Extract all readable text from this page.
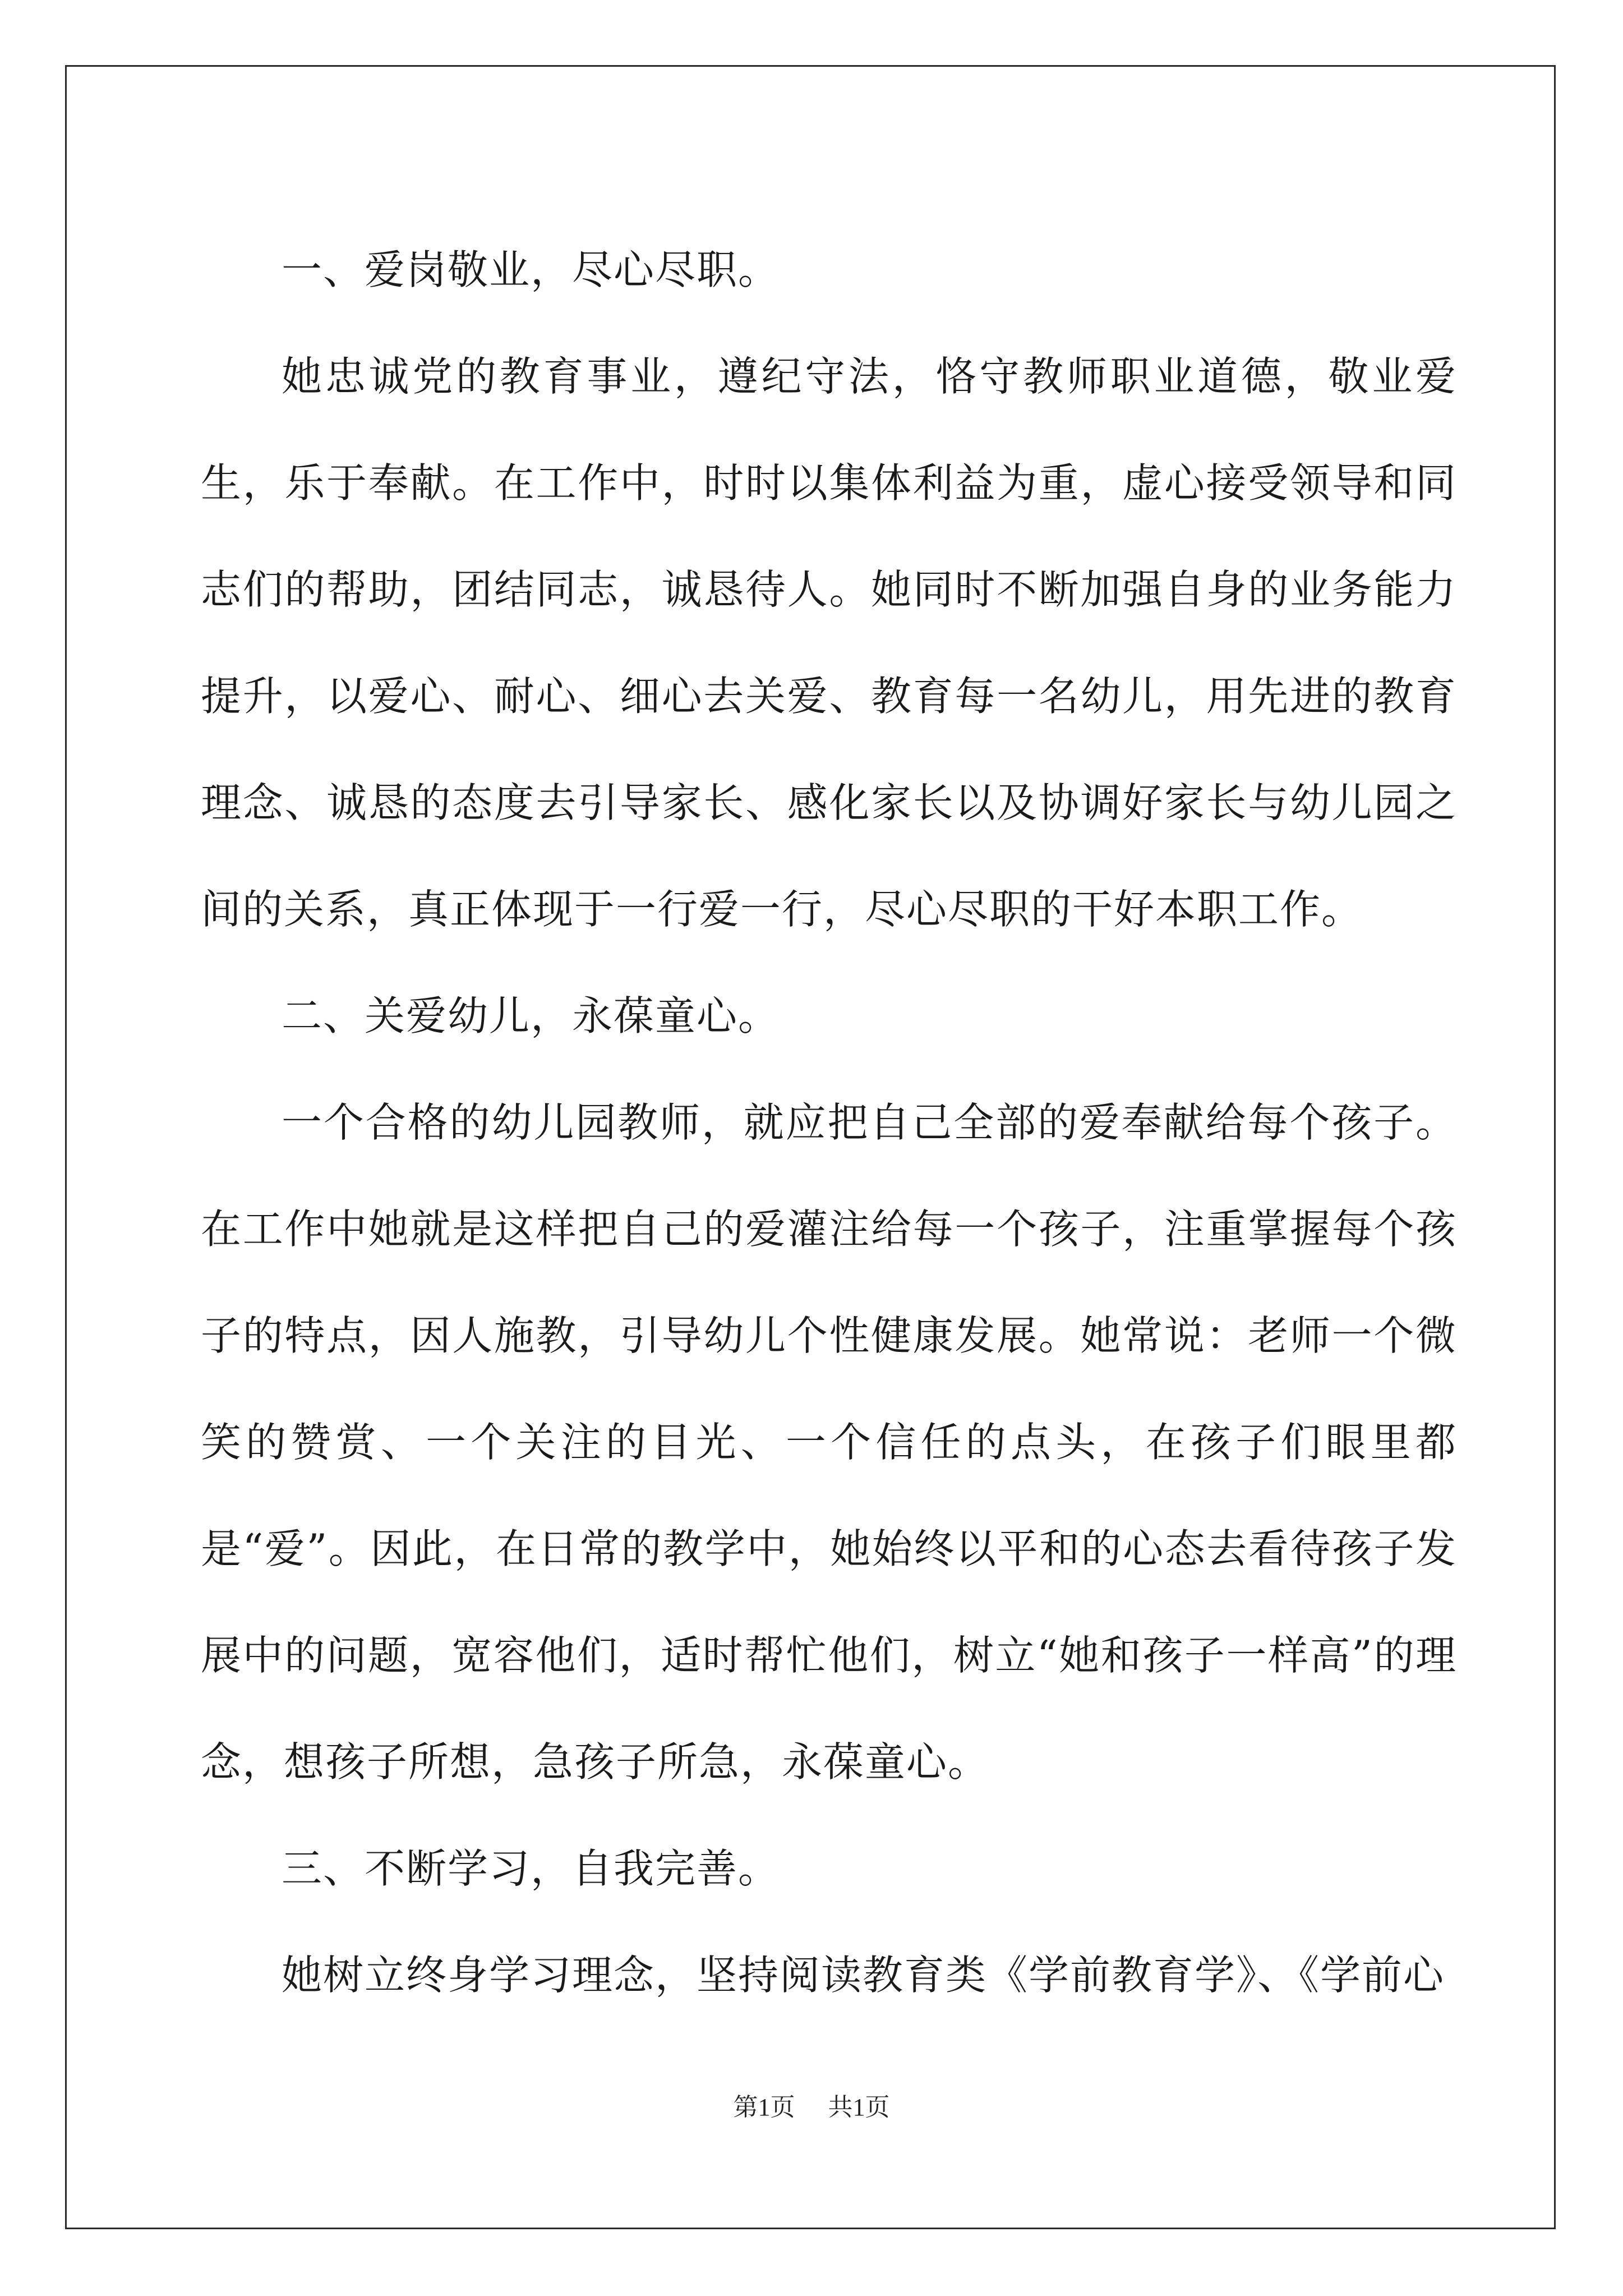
一、爱岗敬业，尽心尽职。

她忠诚党的教育事业，遵纪守法，恪守教师职业道德，敬业爱生，乐于奉献。在工作中，时时以集体利益为重，虚心接受领导和同志们的帮助，团结同志，诚恳待人。她同时不断加强自身的业务能力提升，以爱心、耐心、细心去关爱、教育每一名幼儿，用先进的教育理念、诚恳的态度去引导家长、感化家长以及协调好家长与幼儿园之间的关系，真正体现于一行爱一行，尽心尽职的干好本职工作。

二、关爱幼儿，永葆童心。

一个合格的幼儿园教师，就应把自己全部的爱奉献给每个孩子。在工作中她就是这样把自己的爱灌注给每一个孩子，注重掌握每个孩子的特点，因人施教，引导幼儿个性健康发展。她常说：老师一个微笑的赞赏、一个关注的目光、一个信任的点头，在孩子们眼里都是“爱”。因此，在日常的教学中，她始终以平和的心态去看待孩子发展中的问题，宽容他们，适时帮忙他们，树立“她和孩子一样高”的理念，想孩子所想，急孩子所急，永葆童心。

三、不断学习，自我完善。

她树立终身学习理念，坚持阅读教育类《学前教育学》、《学前心

第1页 共1页
